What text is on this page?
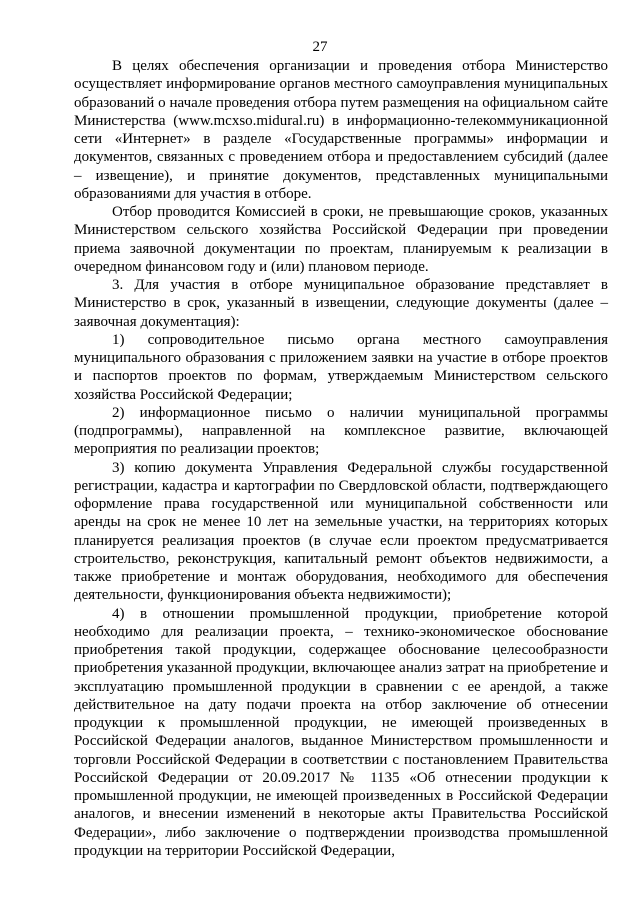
27

В целях обеспечения организации и проведения отбора Министерство осуществляет информирование органов местного самоуправления муниципальных образований о начале проведения отбора путем размещения на официальном сайте Министерства (www.mcxso.midural.ru) в информационно-телекоммуникационной сети «Интернет» в разделе «Государственные программы» информации и документов, связанных с проведением отбора и предоставлением субсидий (далее – извещение), и принятие документов, представленных муниципальными образованиями для участия в отборе.

Отбор проводится Комиссией в сроки, не превышающие сроков, указанных Министерством сельского хозяйства Российской Федерации при проведении приема заявочной документации по проектам, планируемым к реализации в очередном финансовом году и (или) плановом периоде.

3. Для участия в отборе муниципальное образование представляет в Министерство в срок, указанный в извещении, следующие документы (далее – заявочная документация):

1) сопроводительное письмо органа местного самоуправления муниципального образования с приложением заявки на участие в отборе проектов и паспортов проектов по формам, утверждаемым Министерством сельского хозяйства Российской Федерации;

2) информационное письмо о наличии муниципальной программы (подпрограммы), направленной на комплексное развитие, включающей мероприятия по реализации проектов;

3) копию документа Управления Федеральной службы государственной регистрации, кадастра и картографии по Свердловской области, подтверждающего оформление права государственной или муниципальной собственности или аренды на срок не менее 10 лет на земельные участки, на территориях которых планируется реализация проектов (в случае если проектом предусматривается строительство, реконструкция, капитальный ремонт объектов недвижимости, а также приобретение и монтаж оборудования, необходимого для обеспечения деятельности, функционирования объекта недвижимости);

4) в отношении промышленной продукции, приобретение которой необходимо для реализации проекта, – технико-экономическое обоснование приобретения такой продукции, содержащее обоснование целесообразности приобретения указанной продукции, включающее анализ затрат на приобретение и эксплуатацию промышленной продукции в сравнении с ее арендой, а также действительное на дату подачи проекта на отбор заключение об отнесении продукции к промышленной продукции, не имеющей произведенных в Российской Федерации аналогов, выданное Министерством промышленности и торговли Российской Федерации в соответствии с постановлением Правительства Российской Федерации от 20.09.2017 № 1135 «Об отнесении продукции к промышленной продукции, не имеющей произведенных в Российской Федерации аналогов, и внесении изменений в некоторые акты Правительства Российской Федерации», либо заключение о подтверждении производства промышленной продукции на территории Российской Федерации,
